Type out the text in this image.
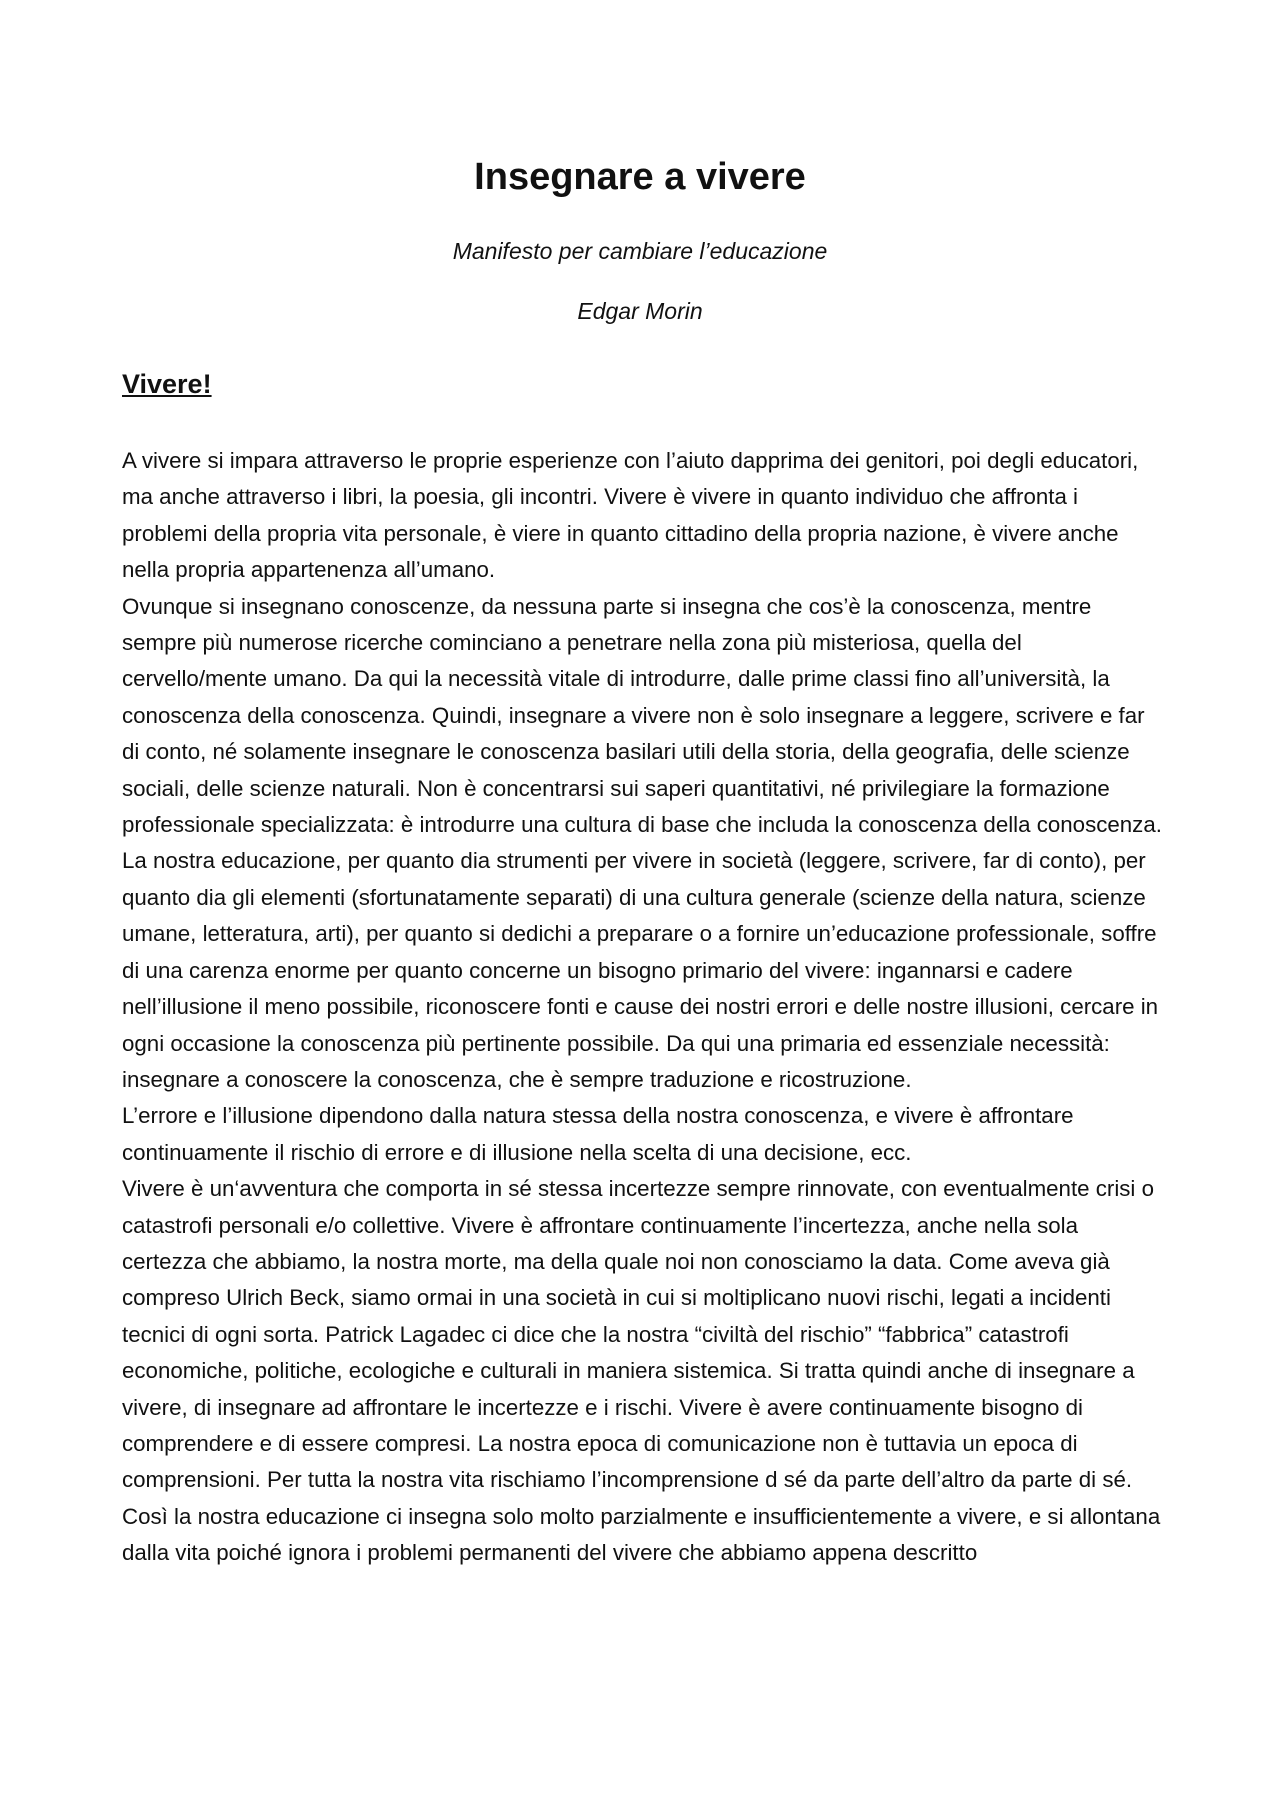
Insegnare a vivere
Manifesto per cambiare l’educazione
Edgar Morin
Vivere!

A vivere si impara attraverso le proprie esperienze con l’aiuto dapprima dei genitori, poi degli educatori, ma anche attraverso i libri, la poesia, gli incontri. Vivere è vivere in quanto individuo che affronta i problemi della propria vita personale, è viere in quanto cittadino della propria nazione, è vivere anche nella propria appartenenza all’umano.

Ovunque si insegnano conoscenze, da nessuna parte si insegna che cos’è la conoscenza, mentre sempre più numerose ricerche cominciano a penetrare nella zona più misteriosa, quella del cervello/mente umano. Da qui la necessità vitale di introdurre, dalle prime classi fino all’università, la conoscenza della conoscenza. Quindi, insegnare a vivere non è solo insegnare a leggere, scrivere e far di conto, né solamente insegnare le conoscenza basilari utili della storia, della geografia, delle scienze sociali, delle scienze naturali. Non è concentrarsi sui saperi quantitativi, né privilegiare la formazione professionale specializzata: è introdurre una cultura di base che includa la conoscenza della conoscenza.

La nostra educazione, per quanto dia strumenti per vivere in società (leggere, scrivere, far di conto), per quanto dia gli elementi (sfortunatamente separati) di una cultura generale (scienze della natura, scienze umane, letteratura, arti), per quanto si dedichi a preparare o a fornire un’educazione professionale, soffre di una carenza enorme per quanto concerne un bisogno primario del vivere: ingannarsi e cadere nell’illusione il meno possibile, riconoscere fonti e cause dei nostri errori e delle nostre illusioni, cercare in ogni occasione la conoscenza più pertinente possibile. Da qui una primaria ed essenziale necessità: insegnare a conoscere la conoscenza, che è sempre traduzione e ricostruzione.

L’errore e l’illusione dipendono dalla natura stessa della nostra conoscenza, e vivere è affrontare continuamente il rischio di errore e di illusione nella scelta di una decisione, ecc.

Vivere è un‘avventura che comporta in sé stessa incertezze sempre rinnovate, con eventualmente crisi o catastrofi personali e/o collettive. Vivere è affrontare continuamente l’incertezza, anche nella sola certezza che abbiamo, la nostra morte, ma della quale noi non conosciamo la data. Come aveva già compreso Ulrich Beck, siamo ormai in una società in cui si moltiplicano nuovi rischi, legati a incidenti tecnici di ogni sorta. Patrick Lagadec ci dice che la nostra “civiltà del rischio” “fabbrica” catastrofi economiche, politiche, ecologiche e culturali in maniera sistemica. Si tratta quindi anche di insegnare a vivere, di insegnare ad affrontare le incertezze e i rischi. Vivere è avere continuamente bisogno di comprendere e di essere compresi. La nostra epoca di comunicazione non è tuttavia un epoca di comprensioni. Per tutta la nostra vita rischiamo l’incomprensione d sé da parte dell’altro da parte di sé.

Così la nostra educazione ci insegna solo molto parzialmente e insufficientemente a vivere, e si allontana dalla vita poiché ignora i problemi permanenti del vivere che abbiamo appena descritto
